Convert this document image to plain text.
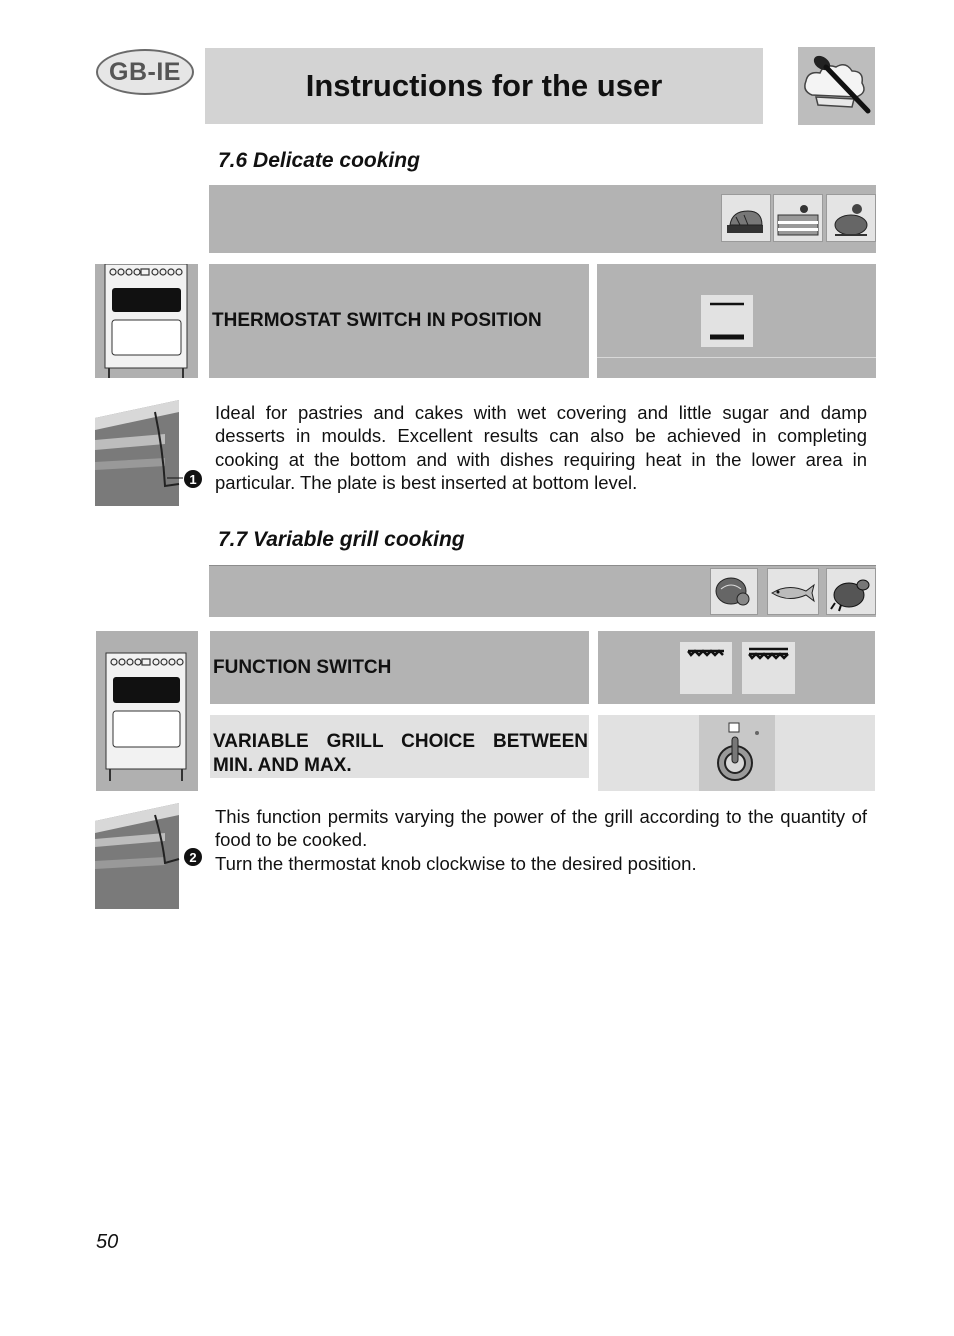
GB-IE	Instructions for the user
7.6 Delicate cooking
THERMOSTAT SWITCH IN POSITION
1

Ideal for pastries and cakes with wet covering and little sugar and damp desserts in moulds. Excellent results can also be achieved in completing cooking at the bottom and with dishes requiring heat in the lower area in particular. The plate is best inserted at bottom level.

7.7 Variable grill cooking
FUNCTION SWITCH
VARIABLE GRILL CHOICE BETWEEN MIN. AND MAX.
2

This function permits varying the power of the grill according to the quantity of food to be cooked.

Turn the thermostat knob clockwise to the desired position.

50
